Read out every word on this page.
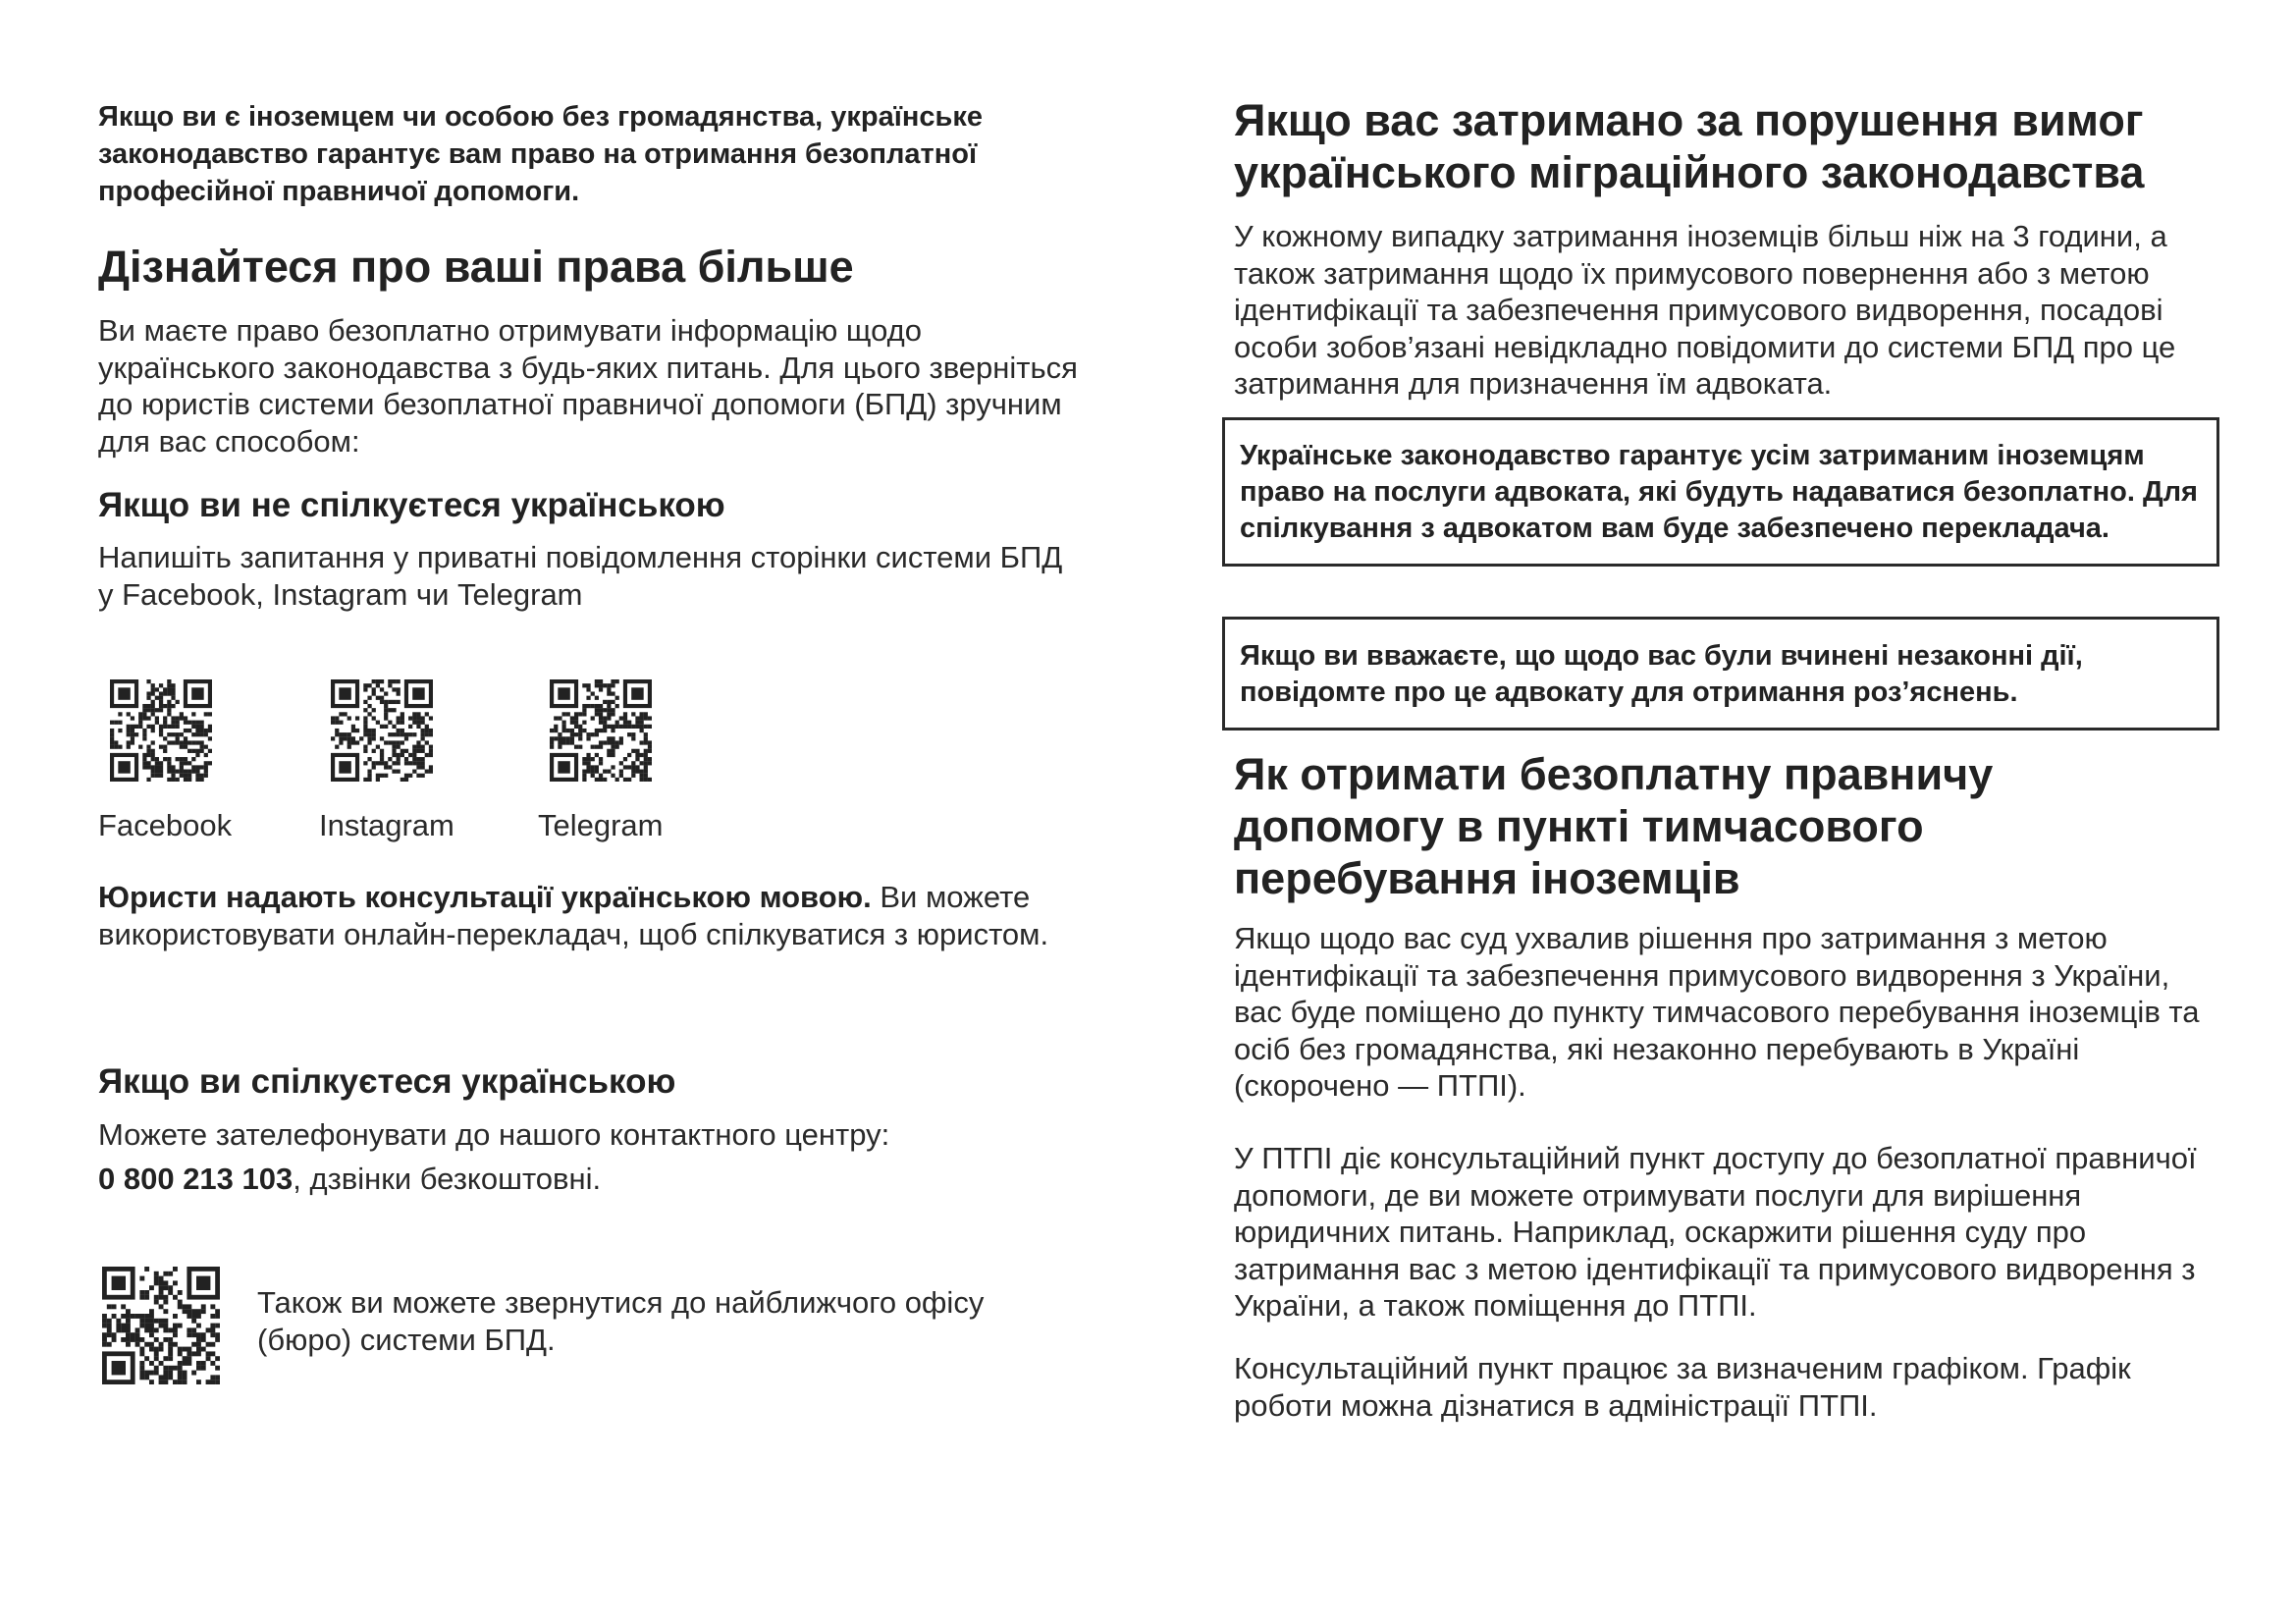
Якщо ви є іноземцем чи особою без громадянства, українське законодавство гарантує вам право на отримання безоплатної професійної правничої допомоги.

Дізнайтеся про ваші права більше

Ви маєте право безоплатно отримувати інформацію щодо українського законодавства з будь-яких питань. Для цього зверніться до юристів системи безоплатної правничої допомоги (БПД) зручним для вас способом:

Якщо ви не спілкуєтеся українською

Напишіть запитання у приватні повідомлення сторінки системи БПД у Facebook, Instagram чи Telegram

Facebook	Instagram	Telegram

Юристи надають консультації українською мовою. Ви можете використовувати онлайн-перекладач, щоб спілкуватися з юристом.

Якщо ви спілкуєтеся українською

Можете зателефонувати до нашого контактного центру:

0 800 213 103, дзвінки безкоштовні.

Також ви можете звернутися до найближчого офісу (бюро) системи БПД.

Якщо вас затримано за порушення вимог українського міграційного законодавства

У кожному випадку затримання іноземців більш ніж на 3 години, а також затримання щодо їх примусового повернення або з метою ідентифікації та забезпечення примусового видворення, посадові особи зобов’язані невідкладно повідомити до системи БПД про це затримання для призначення їм адвоката.

Українське законодавство гарантує усім затриманим іноземцям право на послуги адвоката, які будуть надаватися безоплатно. Для спілкування з адвокатом вам буде забезпечено перекладача.

Якщо ви вважаєте, що щодо вас були вчинені незаконні дії, повідомте про це адвокату для отримання роз’яснень.

Як отримати безоплатну правничу допомогу в пункті тимчасового перебування іноземців

Якщо щодо вас суд ухвалив рішення про затримання з метою ідентифікації та забезпечення примусового видворення з України, вас буде поміщено до пункту тимчасового перебування іноземців та осіб без громадянства, які незаконно перебувають в Україні (скорочено — ПТПІ).

У ПТПІ діє консультаційний пункт доступу до безоплатної правничої допомоги, де ви можете отримувати послуги для вирішення юридичних питань. Наприклад, оскаржити рішення суду про затримання вас з метою ідентифікації та примусового видворення з України, а також поміщення до ПТПІ.

Консультаційний пункт працює за визначеним графіком. Графік роботи можна дізнатися в адміністрації ПТПІ.
